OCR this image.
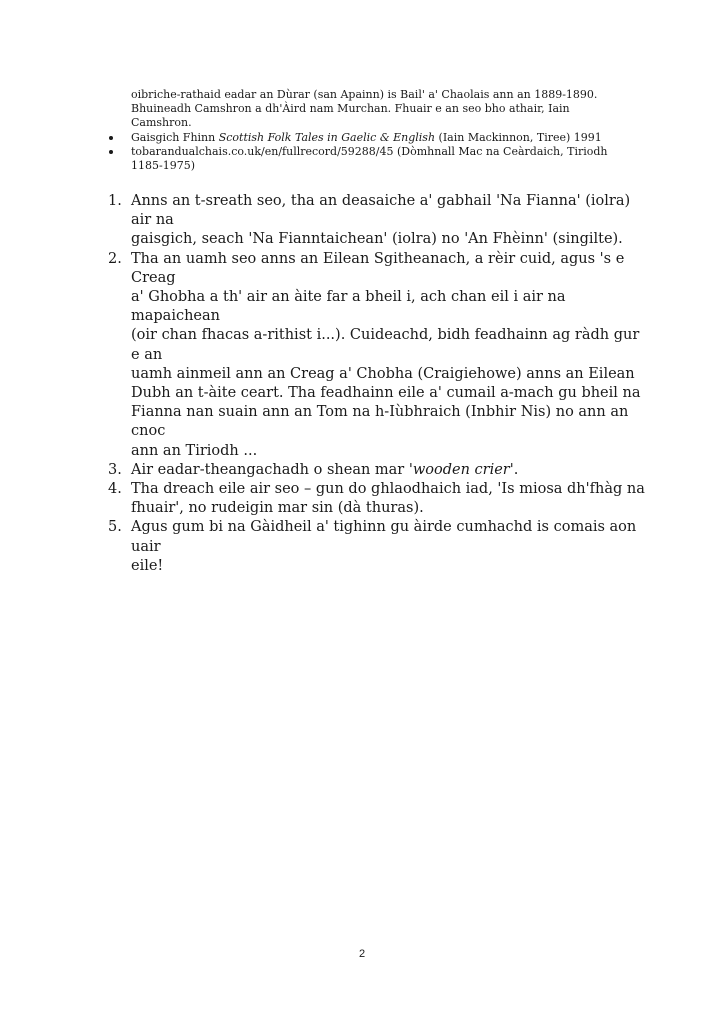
oibriche-rathaid eadar an Dùrar (san Apainn) is Bail' a' Chaolais ann an 1889-1890.

Bhuineadh Camshron a dh'Àird nam Murchan. Fhuair e an seo bho athair, Iain

Camshron.

Gaisgich Fhinn Scottish Folk Tales in Gaelic & English (Iain Mackinnon, Tiree) 1991
tobarandualchais.co.uk/en/fullrecord/59288/45 (Dòmhnall Mac na Ceàrdaich, Tiriodh
1185-1975)
1. Anns an t-sreath seo, tha an deasaiche a' gabhail 'Na Fianna' (iolra) air na
gaisgich, seach 'Na Fianntaichean' (iolra) no 'An Fhèinn' (singilte).
2. Tha an uamh seo anns an Eilean Sgitheanach, a rèir cuid, agus 's e Creag
a' Ghobha a th' air an àite far a bheil i, ach chan eil i air na mapaichean
(oir chan fhacas a-rithist i...). Cuideachd, bidh feadhainn ag ràdh gur e an
uamh ainmeil ann an Creag a' Chobha (Craigiehowe) anns an Eilean
Dubh an t-àite ceart. Tha feadhainn eile a' cumail a-mach gu bheil na
Fianna nan suain ann an Tom na h-Iùbhraich (Inbhir Nis) no ann an cnoc
ann an Tiriodh ...
3. Air eadar-theangachadh o shean mar 'wooden crier'.
4. Tha dreach eile air seo – gun do ghlaodhaich iad, 'Is miosa dh'fhàg na
fhuair', no rudeigin mar sin (dà thuras).
5. Agus gum bi na Gàidheil a' tighinn gu àirde cumhachd is comais aon uair
eile!
2
